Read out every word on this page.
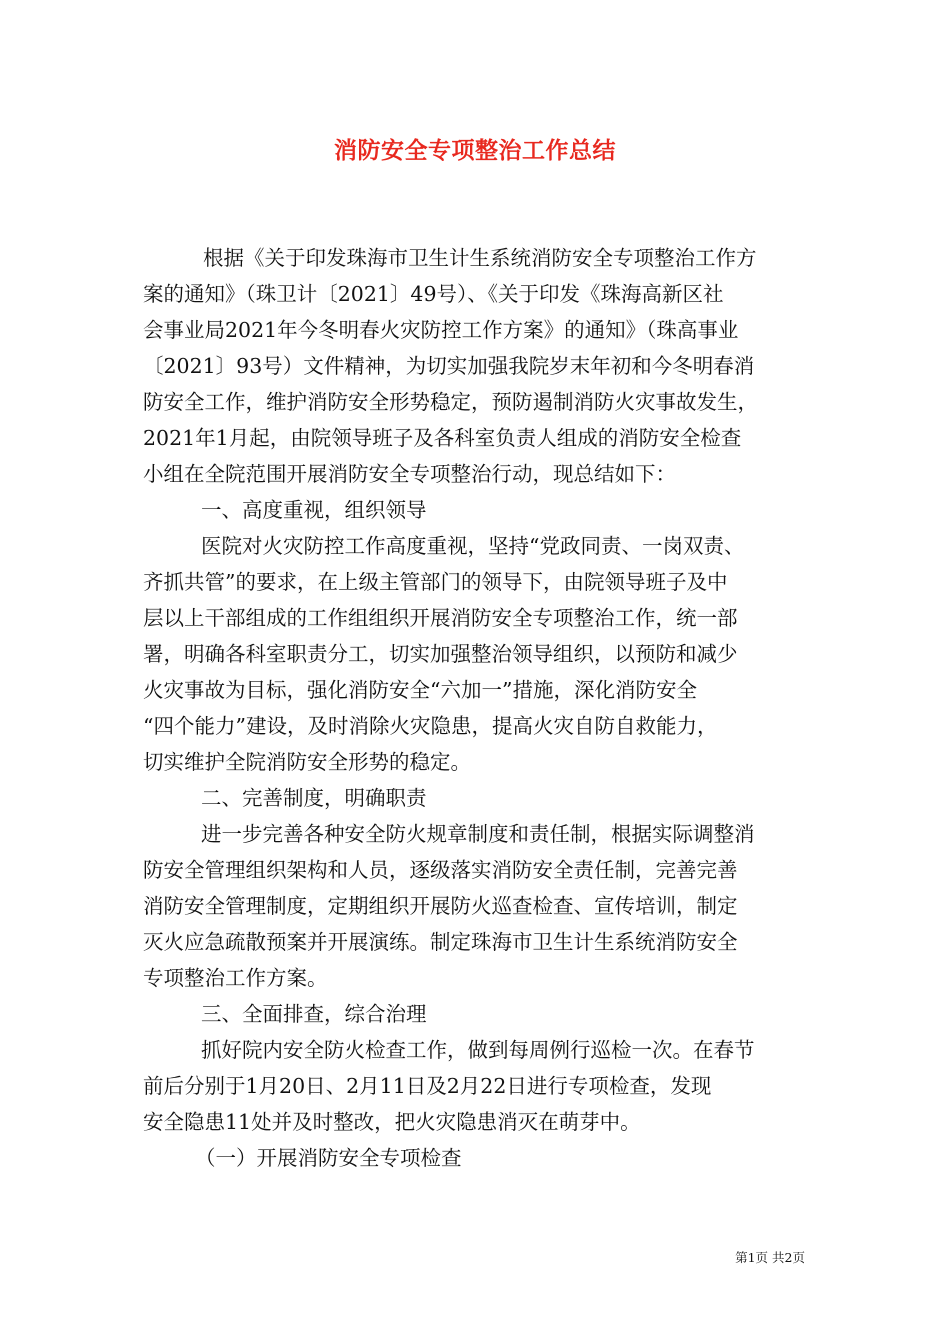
消防安全专项整治工作总结
根据《关于印发珠海市卫生计生系统消防安全专项整治工作方
案的通知》（珠卫计〔2021〕49号）、《关于印发《珠海高新区社
会事业局2021年今冬明春火灾防控工作方案》的通知》（珠高事业
〔2021〕93号）文件精神，为切实加强我院岁末年初和今冬明春消
防安全工作，维护消防安全形势稳定，预防遏制消防火灾事故发生，
2021年1月起，由院领导班子及各科室负责人组成的消防安全检查
小组在全院范围开展消防安全专项整治行动，现总结如下：
一、高度重视，组织领导
医院对火灾防控工作高度重视，坚持“党政同责、一岗双责、
齐抓共管”的要求，在上级主管部门的领导下，由院领导班子及中
层以上干部组成的工作组组织开展消防安全专项整治工作，统一部
署，明确各科室职责分工，切实加强整治领导组织，以预防和减少
火灾事故为目标，强化消防安全“六加一”措施，深化消防安全
“四个能力”建设，及时消除火灾隐患，提高火灾自防自救能力，
切实维护全院消防安全形势的稳定。
二、完善制度，明确职责
进一步完善各种安全防火规章制度和责任制，根据实际调整消
防安全管理组织架构和人员，逐级落实消防安全责任制，完善完善
消防安全管理制度，定期组织开展防火巡查检查、宣传培训，制定
灭火应急疏散预案并开展演练。制定珠海市卫生计生系统消防安全
专项整治工作方案。
三、全面排查，综合治理
抓好院内安全防火检查工作，做到每周例行巡检一次。在春节
前后分别于1月20日、2月11日及2月22日进行专项检查，发现
安全隐患11处并及时整改，把火灾隐患消灭在萌芽中。
（一）开展消防安全专项检查
第1页 共2页
